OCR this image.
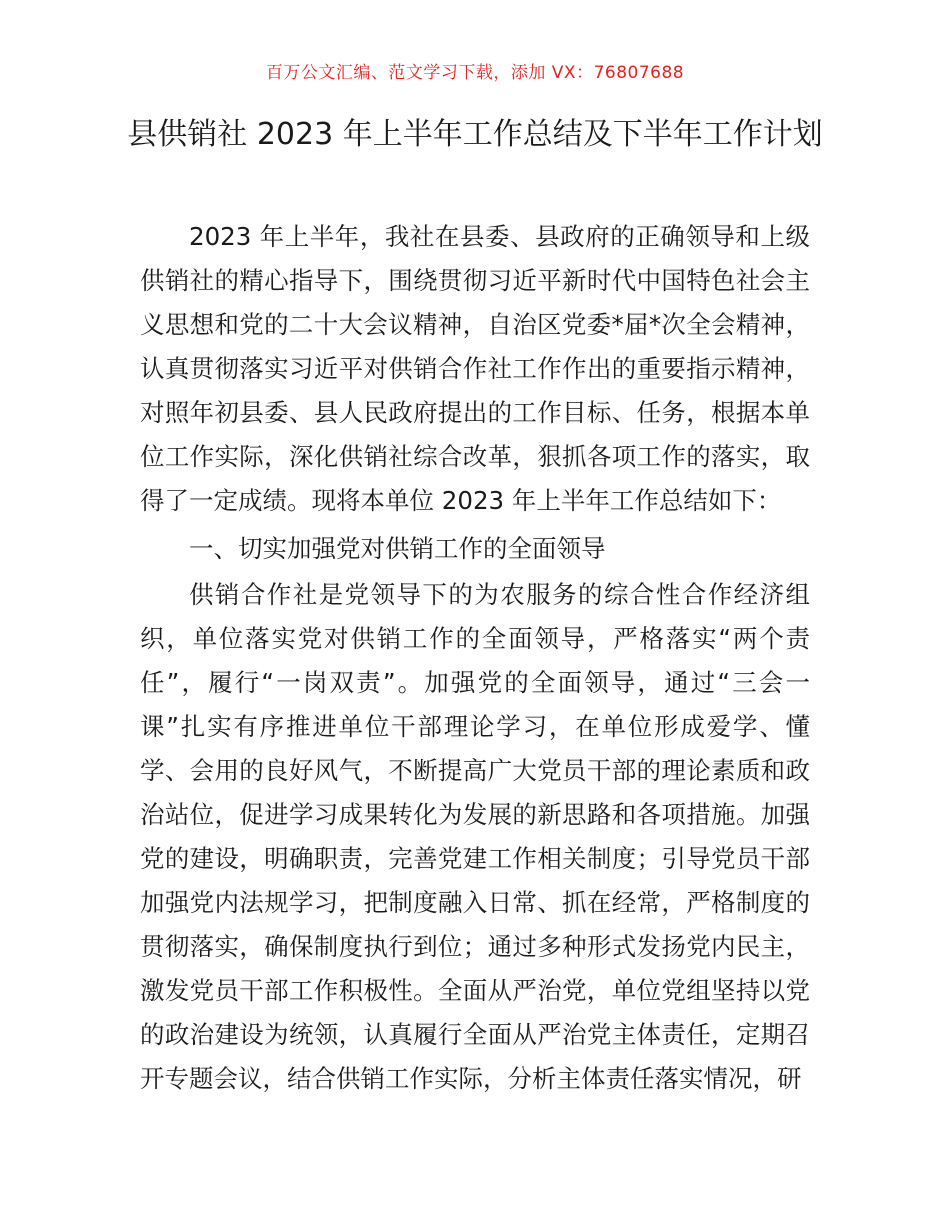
百万公文汇编、范文学习下载，添加 VX：76807688
县供销社 2023 年上半年工作总结及下半年工作计划

2023 年上半年，我社在县委、县政府的正确领导和上级供销社的精心指导下，围绕贯彻习近平新时代中国特色社会主义思想和党的二十大会议精神，自治区党委*届*次全会精神，认真贯彻落实习近平对供销合作社工作作出的重要指示精神，对照年初县委、县人民政府提出的工作目标、任务，根据本单位工作实际，深化供销社综合改革，狠抓各项工作的落实，取得了一定成绩。现将本单位 2023 年上半年工作总结如下：

一、切实加强党对供销工作的全面领导

供销合作社是党领导下的为农服务的综合性合作经济组织，单位落实党对供销工作的全面领导，严格落实“两个责任”，履行“一岗双责”。加强党的全面领导，通过“三会一课”扎实有序推进单位干部理论学习，在单位形成爱学、懂学、会用的良好风气，不断提高广大党员干部的理论素质和政治站位，促进学习成果转化为发展的新思路和各项措施。加强党的建设，明确职责，完善党建工作相关制度；引导党员干部加强党内法规学习，把制度融入日常、抓在经常，严格制度的贯彻落实，确保制度执行到位；通过多种形式发扬党内民主，激发党员干部工作积极性。全面从严治党，单位党组坚持以党的政治建设为统领，认真履行全面从严治党主体责任，定期召开专题会议，结合供销工作实际，分析主体责任落实情况，研
